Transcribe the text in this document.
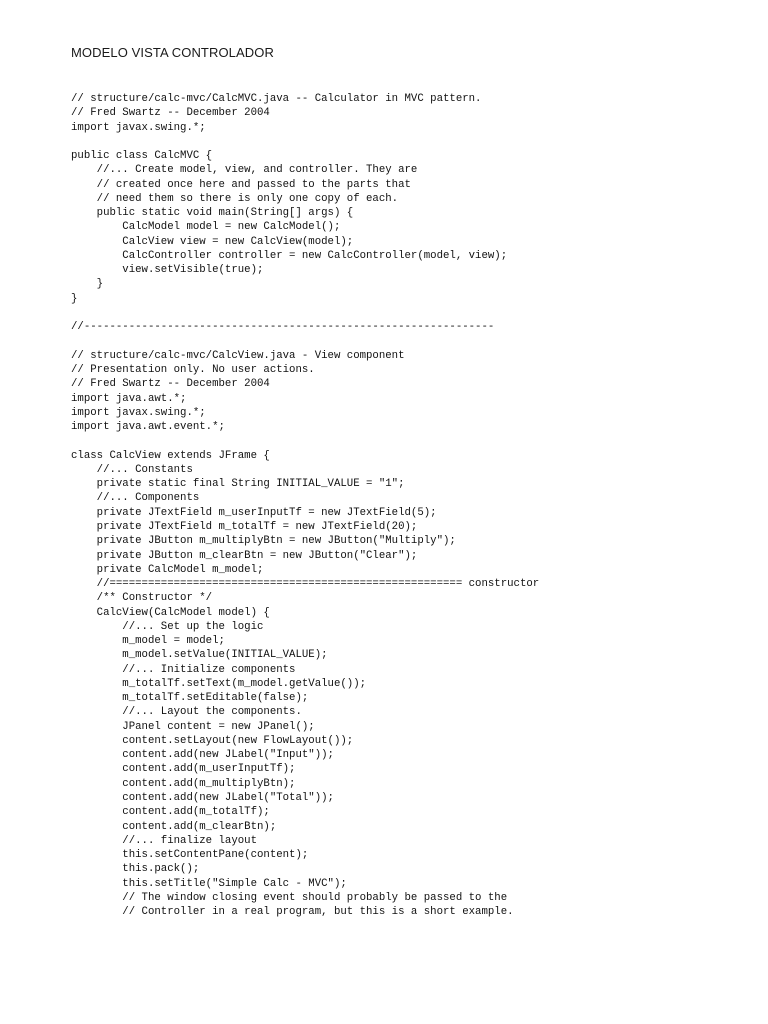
MODELO VISTA CONTROLADOR
// structure/calc-mvc/CalcMVC.java -- Calculator in MVC pattern.
// Fred Swartz -- December 2004
import javax.swing.*;
public class CalcMVC {
//... Create model, view, and controller. They are
// created once here and passed to the parts that
// need them so there is only one copy of each.
public static void main(String[] args) {
CalcModel model = new CalcModel();
CalcView view = new CalcView(model);
CalcController controller = new CalcController(model, view);
view.setVisible(true);
}
}
//----------------------------------------------------------------
// structure/calc-mvc/CalcView.java - View component
// Presentation only. No user actions.
// Fred Swartz -- December 2004
import java.awt.*;
import javax.swing.*;
import java.awt.event.*;
class CalcView extends JFrame {
//... Constants
private static final String INITIAL_VALUE = "1";
//... Components
private JTextField m_userInputTf = new JTextField(5);
private JTextField m_totalTf = new JTextField(20);
private JButton m_multiplyBtn = new JButton("Multiply");
private JButton m_clearBtn = new JButton("Clear");
private CalcModel m_model;
//======================================================= constructor
/** Constructor */
CalcView(CalcModel model) {
//... Set up the logic
m_model = model;
m_model.setValue(INITIAL_VALUE);
//... Initialize components
m_totalTf.setText(m_model.getValue());
m_totalTf.setEditable(false);
//... Layout the components.
JPanel content = new JPanel();
content.setLayout(new FlowLayout());
content.add(new JLabel("Input"));
content.add(m_userInputTf);
content.add(m_multiplyBtn);
content.add(new JLabel("Total"));
content.add(m_totalTf);
content.add(m_clearBtn);
//... finalize layout
this.setContentPane(content);
this.pack();
this.setTitle("Simple Calc - MVC");
// The window closing event should probably be passed to the
// Controller in a real program, but this is a short example.
